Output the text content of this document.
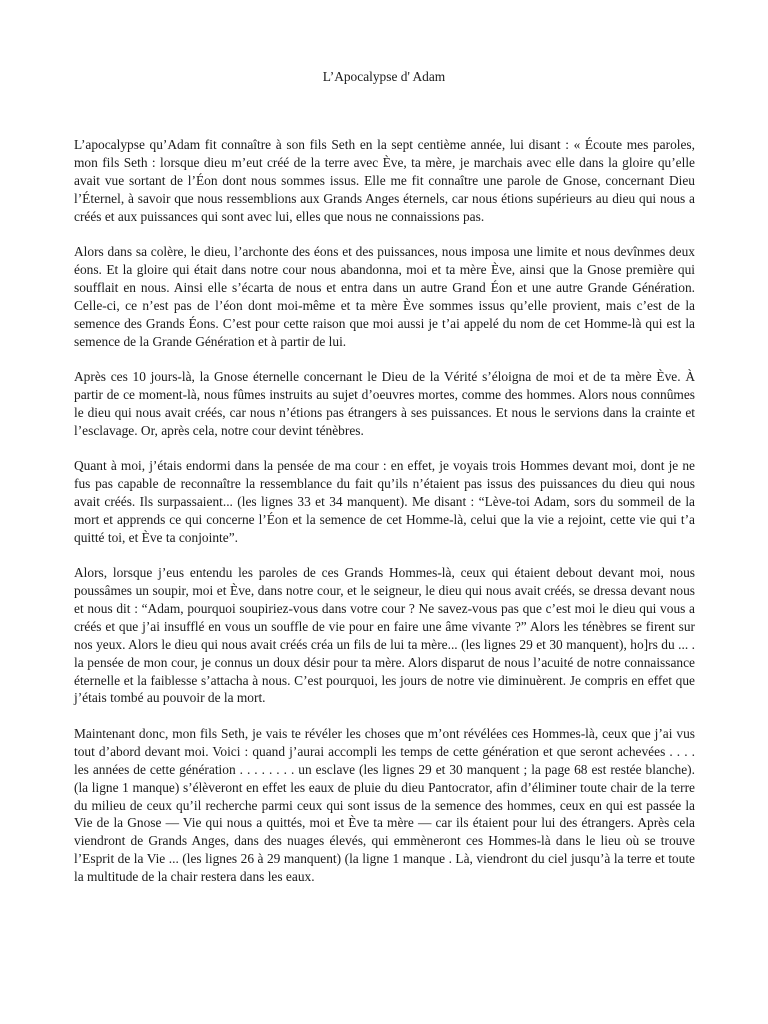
L’Apocalypse d' Adam

L’apocalypse qu’Adam fit connaître à son fils Seth en la sept centième année, lui disant : « Écoute mes paroles, mon fils Seth : lorsque dieu m’eut créé de la terre avec Ève, ta mère, je marchais avec elle dans la gloire qu’elle avait vue sortant de l’Éon dont nous sommes issus. Elle me fit connaître une parole de Gnose, concernant Dieu l’Éternel, à savoir que nous ressemblions aux Grands Anges éternels, car nous étions supérieurs au dieu qui nous a créés et aux puissances qui sont avec lui, elles que nous ne connaissions pas.

Alors dans sa colère, le dieu, l’archonte des éons et des puissances, nous imposa une limite et nous devînmes deux éons. Et la gloire qui était dans notre cour nous abandonna, moi et ta mère Ève, ainsi que la Gnose première qui soufflait en nous. Ainsi elle s’écarta de nous et entra dans un autre Grand Éon et une autre Grande Génération. Celle-ci, ce n’est pas de l’éon dont moi-même et ta mère Ève sommes issus qu’elle provient, mais c’est de la semence des Grands Éons. C’est pour cette raison que moi aussi je t’ai appelé du nom de cet Homme-là qui est la semence de la Grande Génération et à partir de lui.

Après ces 10 jours-là, la Gnose éternelle concernant le Dieu de la Vérité s’éloigna de moi et de ta mère Ève. À partir de ce moment-là, nous fûmes instruits au sujet d’oeuvres mortes, comme des hommes. Alors nous connûmes le dieu qui nous avait créés, car nous n’étions pas étrangers à ses puissances. Et nous le servions dans la crainte et l’esclavage. Or, après cela, notre cour devint ténèbres.

Quant à moi, j’étais endormi dans la pensée de ma cour : en effet, je voyais trois Hommes devant moi, dont je ne fus pas capable de reconnaître la ressemblance du fait qu’ils n’étaient pas issus des puissances du dieu qui nous avait créés. Ils surpassaient... (les lignes 33 et 34 manquent). Me disant : “Lève-toi Adam, sors du sommeil de la mort et apprends ce qui concerne l’Éon et la semence de cet Homme-là, celui que la vie a rejoint, cette vie qui t’a quitté toi, et Ève ta conjointe”.

Alors, lorsque j’eus entendu les paroles de ces Grands Hommes-là, ceux qui étaient debout devant moi, nous poussâmes un soupir, moi et Ève, dans notre cour, et le seigneur, le dieu qui nous avait créés, se dressa devant nous et nous dit : “Adam, pourquoi soupiriez-vous dans votre cour ? Ne savez-vous pas que c’est moi le dieu qui vous a créés et que j’ai insufflé en vous un souffle de vie pour en faire une âme vivante ?” Alors les ténèbres se firent sur nos yeux. Alors le dieu qui nous avait créés créa un fils de lui ta mère... (les lignes 29 et 30 manquent), ho]rs du ... . la pensée de mon cour, je connus un doux désir pour ta mère. Alors disparut de nous l’acuité de notre connaissance éternelle et la faiblesse s’attacha à nous. C’est pourquoi, les jours de notre vie diminuèrent. Je compris en effet que j’étais tombé au pouvoir de la mort.

Maintenant donc, mon fils Seth, je vais te révéler les choses que m’ont révélées ces Hommes-là, ceux que j’ai vus tout d’abord devant moi. Voici : quand j’aurai accompli les temps de cette génération et que seront achevées . . . . les années de cette génération . . . . . . . . un esclave (les lignes 29 et 30 manquent ; la page 68 est restée blanche). (la ligne 1 manque) s’élèveront en effet les eaux de pluie du dieu Pantocrator, afin d’éliminer toute chair de la terre du milieu de ceux qu’il recherche parmi ceux qui sont issus de la semence des hommes, ceux en qui est passée la Vie de la Gnose — Vie qui nous a quittés, moi et Ève ta mère — car ils étaient pour lui des étrangers. Après cela viendront de Grands Anges, dans des nuages élevés, qui emmèneront ces Hommes-là dans le lieu où se trouve l’Esprit de la Vie ... (les lignes 26 à 29 manquent) (la ligne 1 manque . Là, viendront du ciel jusqu’à la terre et toute la multitude de la chair restera dans les eaux.
